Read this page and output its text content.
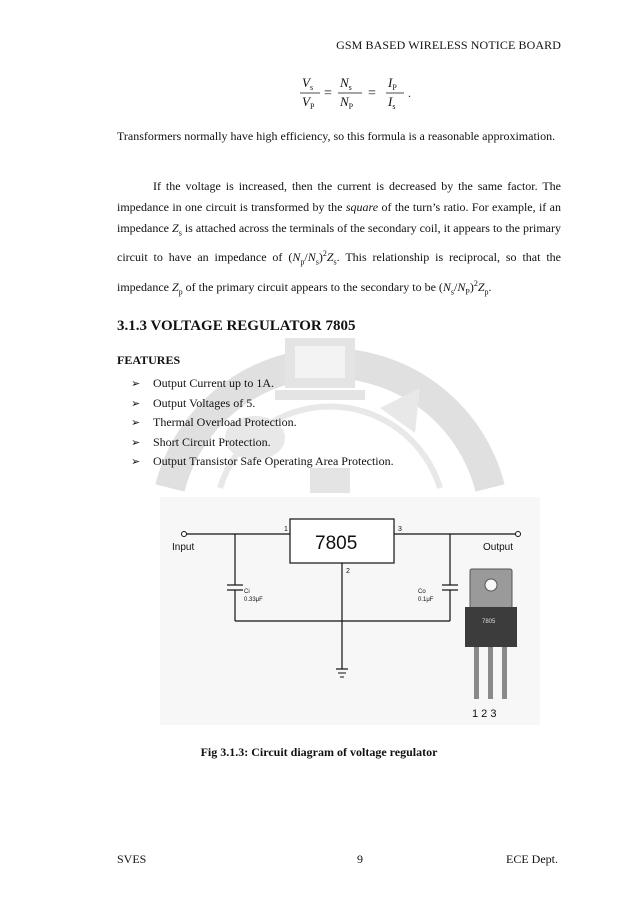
GSM BASED WIRELESS NOTICE BOARD
$V_s$
$V_P$
$N_s$
$N_P$
$I_P$
$I_s$
=	=	.
Transformers normally have high efficiency, so this formula is a reasonable approximation.
If the voltage is increased, then the current is decreased by the same factor. The impedance in one circuit is transformed by the square of the turn’s ratio. For example, if an impedance $Z_s$ is attached across the terminals of the secondary coil, it appears to the primary circuit to have an impedance of $(N_p/N_s)^2Z_s$. This relationship is reciprocal, so that the impedance $Z_p$ of the primary circuit appears to the secondary to be $(N_s/N_P)^2Z_p$.
3.1.3 VOLTAGE REGULATOR 7805
FEATURES
➢ Output Current up to 1A.
➢ Output Voltages of 5.
➢ Thermal Overload Protection.
➢ Short Circuit Protection.
➢ Output Transistor Safe Operating Area Protection.
Input	7805
1	3
2
Output
Ci
0.33μF
Co
0.1μF
7805
1 2 3
Fig 3.1.3: Circuit diagram of voltage regulator
SVES	9	ECE Dept.
